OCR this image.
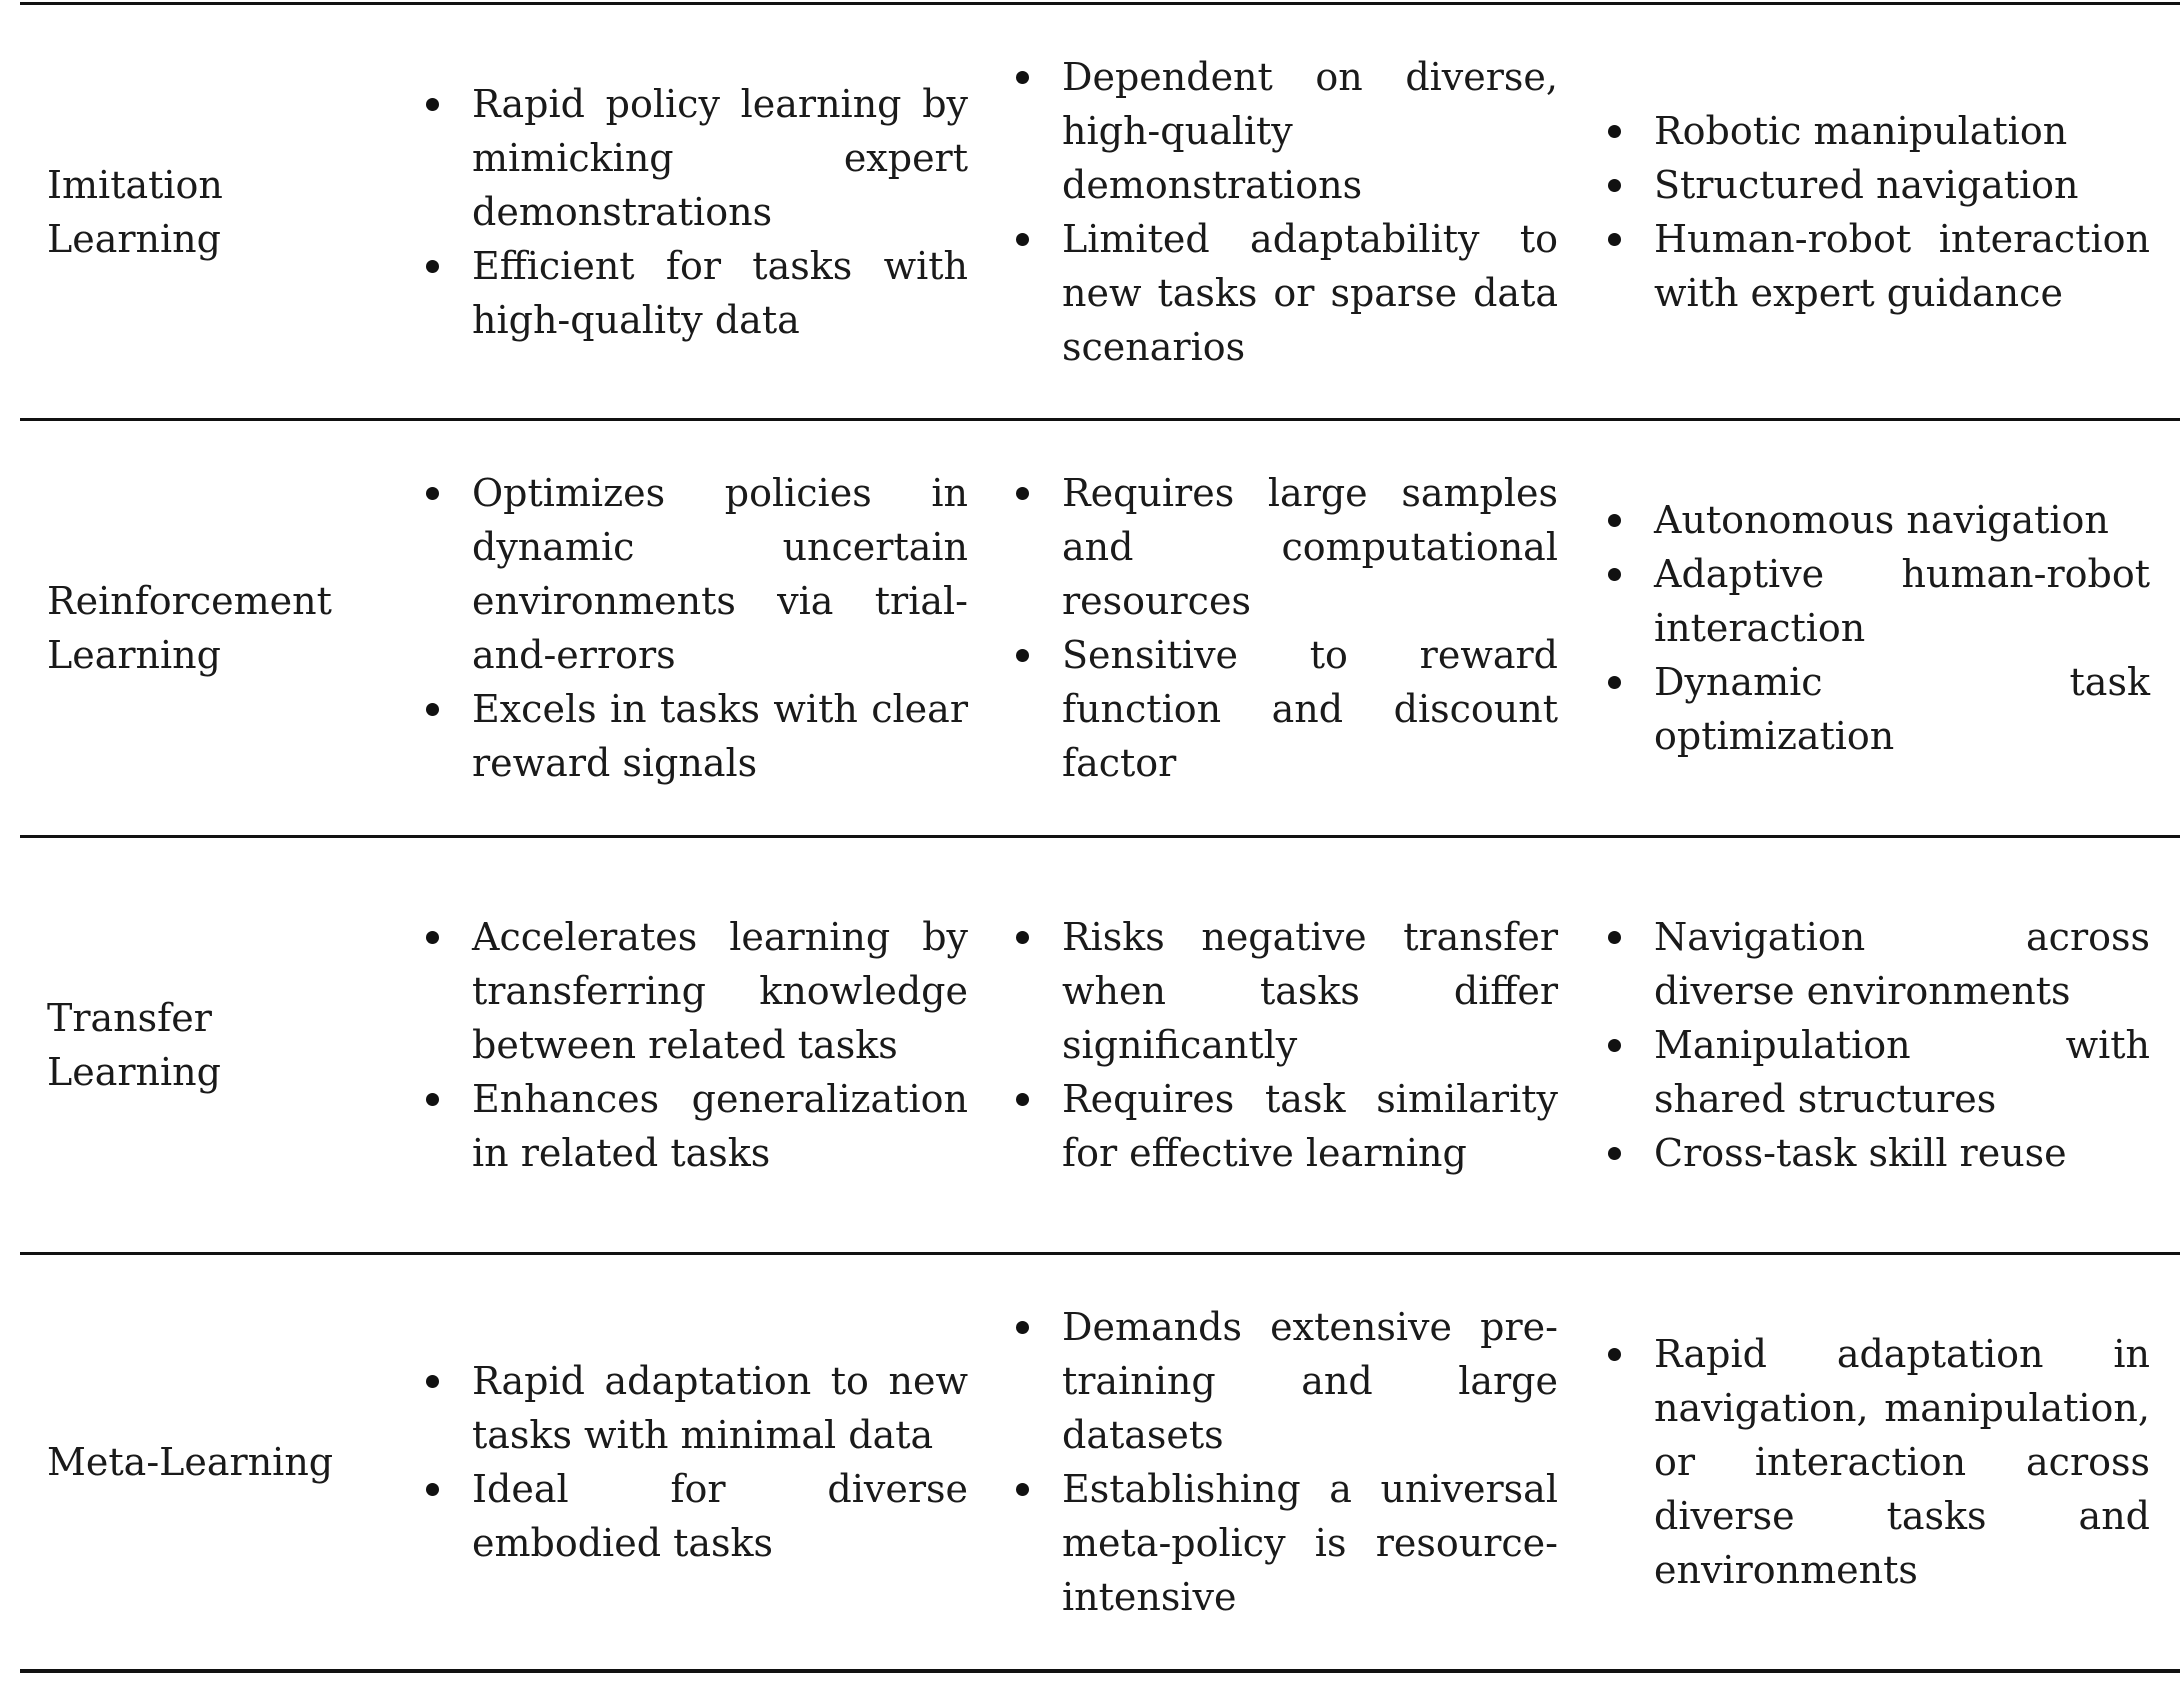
Imitation Learning
Rapid policy learning by mimicking expert demonstrations
Efficient for tasks with high-quality data
Dependent on diverse, high-quality demonstrations
Limited adaptability to new tasks or sparse data scenarios
Robotic manipulation
Structured navigation
Human-robot interaction with expert guidance
Reinforcement Learning
Optimizes policies in dynamic uncertain environments via trial-and-errors
Excels in tasks with clear reward signals
Requires large samples and computational resources
Sensitive to reward function and discount factor
Autonomous navigation
Adaptive human-robot interaction
Dynamic task optimization
Transfer Learning
Accelerates learning by transferring knowledge between related tasks
Enhances generalization in related tasks
Risks negative transfer when tasks differ significantly
Requires task similarity for effective learning
Navigation across diverse environments
Manipulation with shared structures
Cross-task skill reuse
Meta-Learning
Rapid adaptation to new tasks with minimal data
Ideal for diverse embodied tasks
Demands extensive pre-training and large datasets
Establishing a universal meta-policy is resource-intensive
Rapid adaptation in navigation, manipulation, or interaction across diverse tasks and environments
